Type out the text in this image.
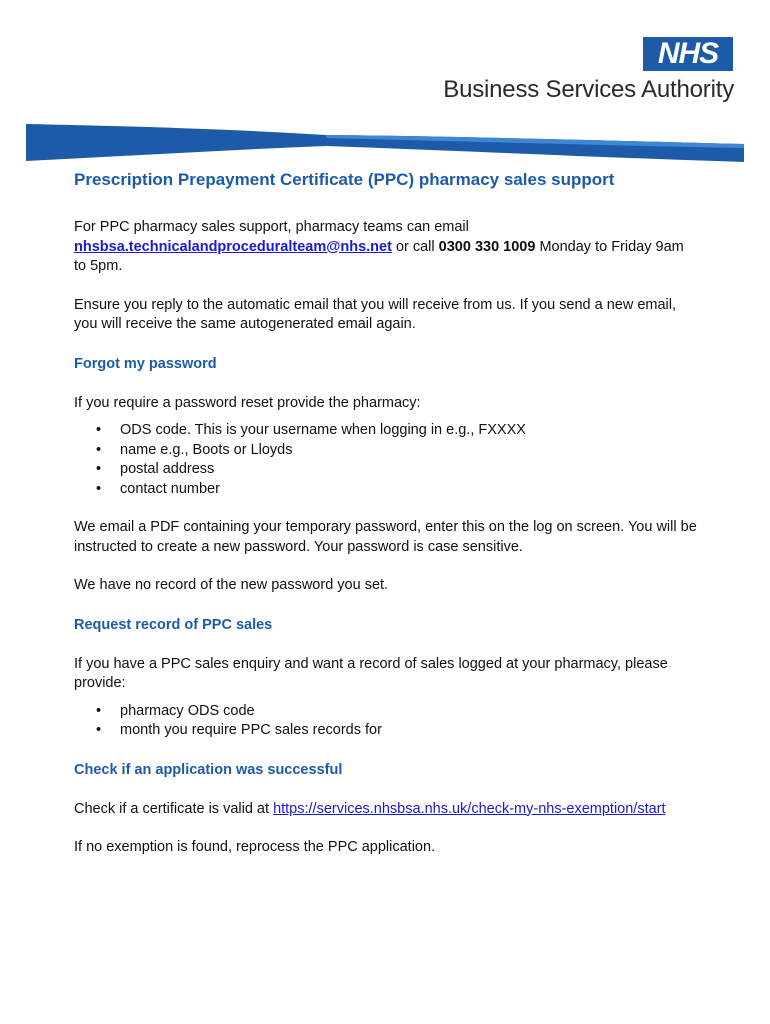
NHS
Business Services Authority
Prescription Prepayment Certificate (PPC) pharmacy sales support

For PPC pharmacy sales support, pharmacy teams can email
nhsbsa.technicalandproceduralteam@nhs.net or call 0300 330 1009 Monday to Friday 9am to 5pm.

Ensure you reply to the automatic email that you will receive from us. If you send a new email, you will receive the same autogenerated email again.

Forgot my password

If you require a password reset provide the pharmacy:

• ODS code. This is your username when logging in e.g., FXXXX
• name e.g., Boots or Lloyds
• postal address
• contact number

We email a PDF containing your temporary password, enter this on the log on screen. You will be instructed to create a new password. Your password is case sensitive.

We have no record of the new password you set.

Request record of PPC sales

If you have a PPC sales enquiry and want a record of sales logged at your pharmacy, please provide:

• pharmacy ODS code
• month you require PPC sales records for
Check if an application was successful

Check if a certificate is valid at https://services.nhsbsa.nhs.uk/check-my-nhs-exemption/start

If no exemption is found, reprocess the PPC application.
